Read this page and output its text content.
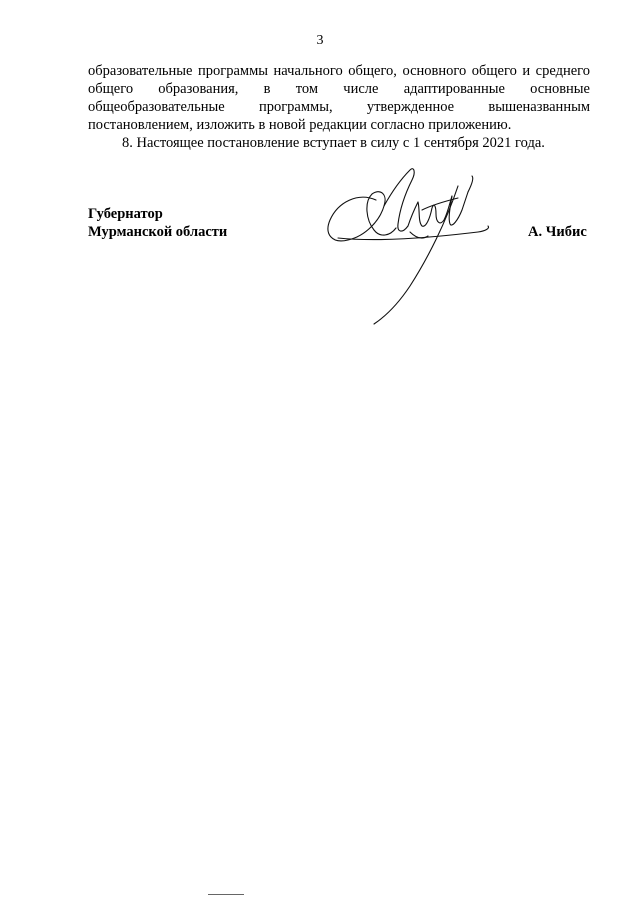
3

образовательные программы начального общего, основного общего и среднего общего образования, в том числе адаптированные основные общеобразовательные программы, утвержденное вышеназванным постановлением, изложить в новой редакции согласно приложению.

8. Настоящее постановление вступает в силу с 1 сентября 2021 года.

Губернатор
Мурманской области	А. Чибис
